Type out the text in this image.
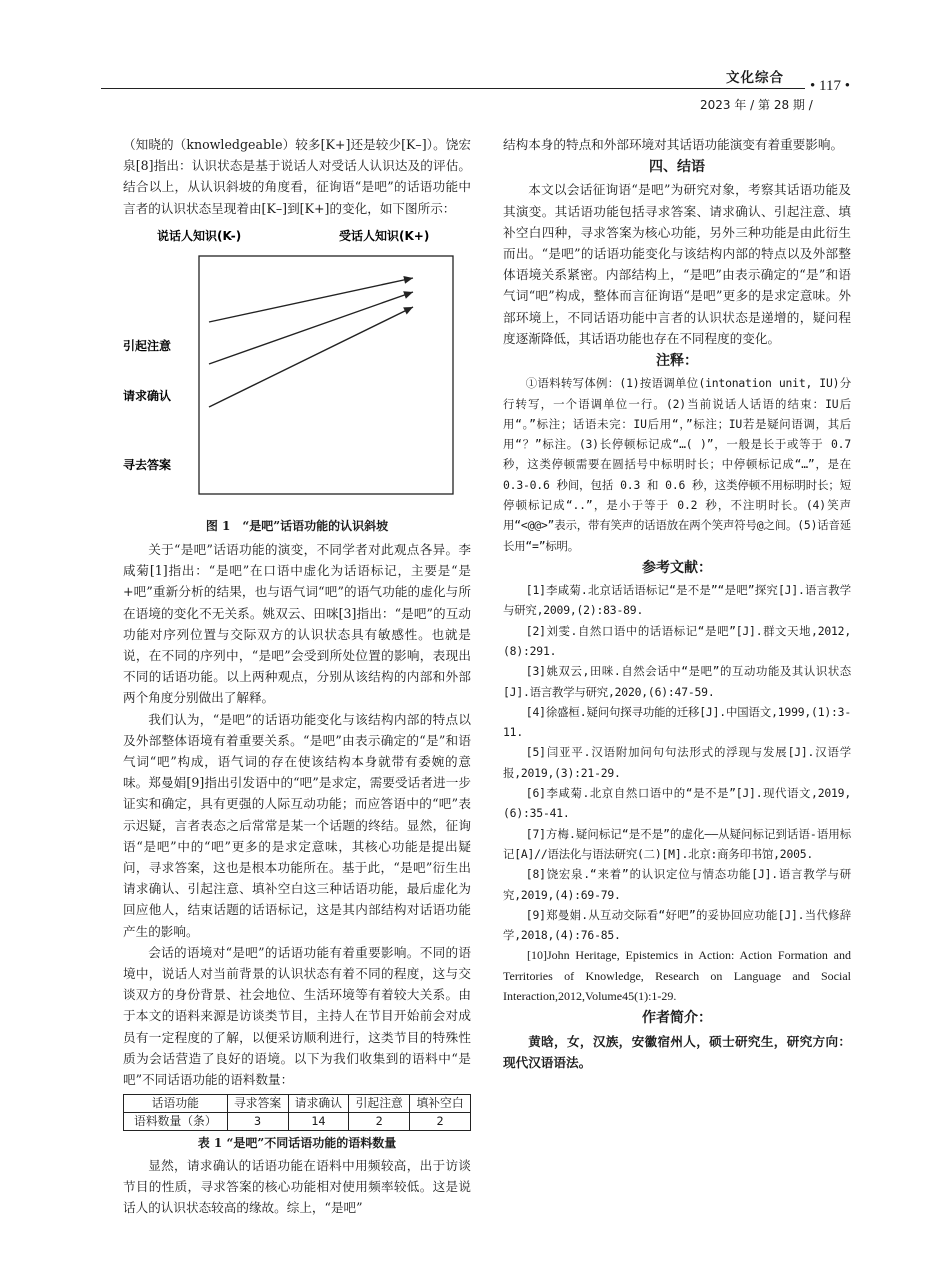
文化综合 • 117 •
2023 年 / 第 28 期 /

（知晓的（knowledgeable）较多[K+]还是较少[K–]）。饶宏泉[8]指出：认识状态是基于说话人对受话人认识达及的评估。结合以上，从认识斜坡的角度看，征询语“是吧”的话语功能中言者的认识状态呈现着由[K–]到[K+]的变化，如下图所示：

说话人知识(K-)	受话人知识(K+)
引起注意
请求确认
寻去答案
图 1　“是吧”话语功能的认识斜坡

关于“是吧”话语功能的演变，不同学者对此观点各异。李咸菊[1]指出：“是吧”在口语中虚化为话语标记，主要是“是+吧”重新分析的结果，也与语气词“吧”的语气功能的虚化与所在语境的变化不无关系。姚双云、田咪[3]指出：“是吧”的互动功能对序列位置与交际双方的认识状态具有敏感性。也就是说，在不同的序列中，“是吧”会受到所处位置的影响，表现出不同的话语功能。以上两种观点，分别从该结构的内部和外部两个角度分别做出了解释。

我们认为，“是吧”的话语功能变化与该结构内部的特点以及外部整体语境有着重要关系。“是吧”由表示确定的“是”和语气词“吧”构成，语气词的存在使该结构本身就带有委婉的意味。郑曼娟[9]指出引发语中的“吧”是求定，需要受话者进一步证实和确定，具有更强的人际互动功能；而应答语中的“吧”表示迟疑，言者表态之后常常是某一个话题的终结。显然，征询语“是吧”中的“吧”更多的是求定意味，其核心功能是提出疑问，寻求答案，这也是根本功能所在。基于此，“是吧”衍生出请求确认、引起注意、填补空白这三种话语功能，最后虚化为回应他人，结束话题的话语标记，这是其内部结构对话语功能产生的影响。

会话的语境对“是吧”的话语功能有着重要影响。不同的语境中，说话人对当前背景的认识状态有着不同的程度，这与交谈双方的身份背景、社会地位、生活环境等有着较大关系。由于本文的语料来源是访谈类节目，主持人在节目开始前会对成员有一定程度的了解，以便采访顺利进行，这类节目的特殊性质为会话营造了良好的语境。以下为我们收集到的语料中“是吧”不同话语功能的语料数量：

话语功能	寻求答案	请求确认	引起注意	填补空白
语料数量（条）	3	14	2	2
表 1 “是吧”不同话语功能的语料数量

显然，请求确认的话语功能在语料中用频较高，出于访谈节目的性质，寻求答案的核心功能相对使用频率较低。这是说话人的认识状态较高的缘故。综上，“是吧”

结构本身的特点和外部环境对其话语功能演变有着重要影响。

四、结语

本文以会话征询语“是吧”为研究对象，考察其话语功能及其演变。其话语功能包括寻求答案、请求确认、引起注意、填补空白四种，寻求答案为核心功能，另外三种功能是由此衍生而出。“是吧”的话语功能变化与该结构内部的特点以及外部整体语境关系紧密。内部结构上，“是吧”由表示确定的“是”和语气词“吧”构成，整体而言征询语“是吧”更多的是求定意味。外部环境上，不同话语功能中言者的认识状态是递增的，疑问程度逐渐降低，其话语功能也存在不同程度的变化。

注释：

①语料转写体例：(1)按语调单位(intonation unit, IU)分行转写，一个语调单位一行。(2)当前说话人话语的结束：IU后用“。”标注；话语未完：IU后用“，”标注；IU若是疑问语调，其后用“？”标注。(3)长停顿标记成“…( )”，一般是长于或等于 0.7 秒，这类停顿需要在圆括号中标明时长；中停顿标记成“…”，是在 0.3-0.6 秒间，包括 0.3 和 0.6 秒，这类停顿不用标明时长；短停顿标记成“..”，是小于等于 0.2 秒，不注明时长。(4)笑声用“<@@>”表示，带有笑声的话语放在两个笑声符号@之间。(5)话音延长用“=”标明。

参考文献：

[1]李咸菊.北京话话语标记“是不是”“是吧”探究[J].语言教学与研究,2009,(2):83-89.

[2]刘雯.自然口语中的话语标记“是吧”[J].群文天地,2012,(8):291.

[3]姚双云,田咪.自然会话中“是吧”的互动功能及其认识状态[J].语言教学与研究,2020,(6):47-59.

[4]徐盛桓.疑问句探寻功能的迁移[J].中国语文,1999,(1):3-11.

[5]闫亚平.汉语附加问句句法形式的浮现与发展[J].汉语学报,2019,(3):21-29.

[6]李咸菊.北京自然口语中的“是不是”[J].现代语文,2019,(6):35-41.

[7]方梅.疑问标记“是不是”的虚化——从疑问标记到话语-语用标记[A]//语法化与语法研究(二)[M].北京:商务印书馆,2005.

[8]饶宏泉.“来着”的认识定位与情态功能[J].语言教学与研究,2019,(4):69-79.

[9]郑曼娟.从互动交际看“好吧”的妥协回应功能[J].当代修辞学,2018,(4):76-85.

[10]John Heritage, Epistemics in Action: Action Formation and Territories of Knowledge, Research on Language and Social Interaction,2012,Volume45(1):1-29.

作者简介：

黄晗，女，汉族，安徽宿州人，硕士研究生，研究方向：现代汉语语法。
